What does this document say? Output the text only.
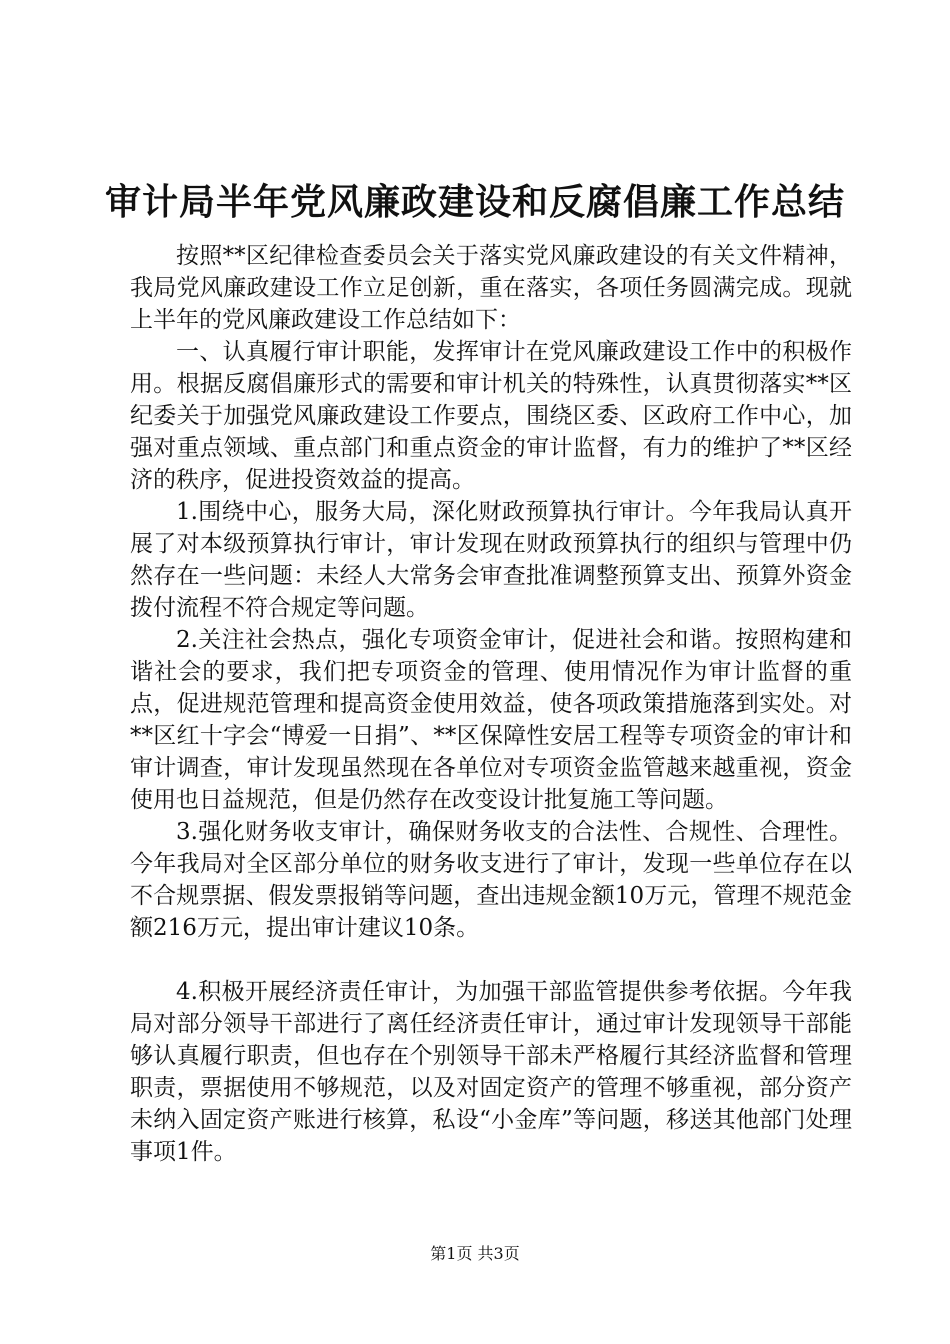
审计局半年党风廉政建设和反腐倡廉工作总结

按照**区纪律检查委员会关于落实党风廉政建设的有关文件精神，我局党风廉政建设工作立足创新，重在落实，各项任务圆满完成。现就上半年的党风廉政建设工作总结如下：

一、认真履行审计职能，发挥审计在党风廉政建设工作中的积极作用。根据反腐倡廉形式的需要和审计机关的特殊性，认真贯彻落实**区纪委关于加强党风廉政建设工作要点，围绕区委、区政府工作中心，加强对重点领域、重点部门和重点资金的审计监督，有力的维护了**区经济的秩序，促进投资效益的提高。

1.围绕中心，服务大局，深化财政预算执行审计。今年我局认真开展了对本级预算执行审计，审计发现在财政预算执行的组织与管理中仍然存在一些问题：未经人大常务会审查批准调整预算支出、预算外资金拨付流程不符合规定等问题。

2.关注社会热点，强化专项资金审计，促进社会和谐。按照构建和谐社会的要求，我们把专项资金的管理、使用情况作为审计监督的重点，促进规范管理和提高资金使用效益，使各项政策措施落到实处。对**区红十字会“博爱一日捐”、**区保障性安居工程等专项资金的审计和审计调查，审计发现虽然现在各单位对专项资金监管越来越重视，资金使用也日益规范，但是仍然存在改变设计批复施工等问题。

3.强化财务收支审计，确保财务收支的合法性、合规性、合理性。今年我局对全区部分单位的财务收支进行了审计，发现一些单位存在以不合规票据、假发票报销等问题，查出违规金额10万元，管理不规范金额216万元，提出审计建议10条。

4.积极开展经济责任审计，为加强干部监管提供参考依据。今年我局对部分领导干部进行了离任经济责任审计，通过审计发现领导干部能够认真履行职责，但也存在个别领导干部未严格履行其经济监督和管理职责，票据使用不够规范，以及对固定资产的管理不够重视，部分资产未纳入固定资产账进行核算，私设“小金库”等问题，移送其他部门处理事项1件。

第1页 共3页
